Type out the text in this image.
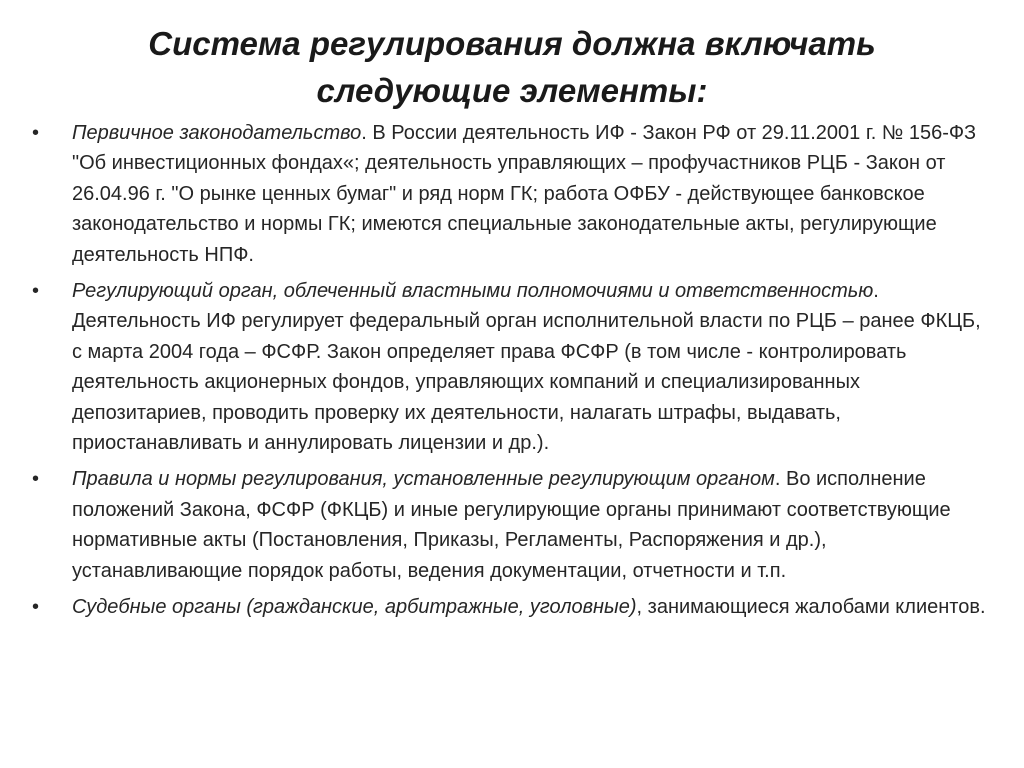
Система регулирования должна включать
следующие элементы:
•	Первичное законодательство. В России деятельность ИФ - Закон РФ от 29.11.2001 г. № 156-ФЗ "Об инвестиционных фондах«; деятельность управляющих – профучастников РЦБ - Закон от 26.04.96 г. "О рынке ценных бумаг" и ряд норм ГК; работа ОФБУ - действующее банковское законодательство и нормы ГК; имеются специальные законодательные акты, регулирующие деятельность НПФ.
•	Регулирующий орган, облеченный властными полномочиями и ответственностью. Деятельность ИФ регулирует федеральный орган исполнительной власти по РЦБ – ранее ФКЦБ, с марта 2004 года – ФСФР. Закон определяет права ФСФР (в том числе - контролировать деятельность акционерных фондов, управляющих компаний и специализированных депозитариев, проводить проверку их деятельности, налагать штрафы, выдавать, приостанавливать и аннулировать лицензии и др.).
•	Правила и нормы регулирования, установленные регулирующим органом. Во исполнение положений Закона, ФСФР (ФКЦБ) и иные регулирующие органы принимают соответствующие нормативные акты (Постановления, Приказы, Регламенты, Распоряжения и др.), устанавливающие порядок работы, ведения документации, отчетности и т.п.
•	Судебные органы (гражданские, арбитражные, уголовные), занимающиеся жалобами клиентов.
